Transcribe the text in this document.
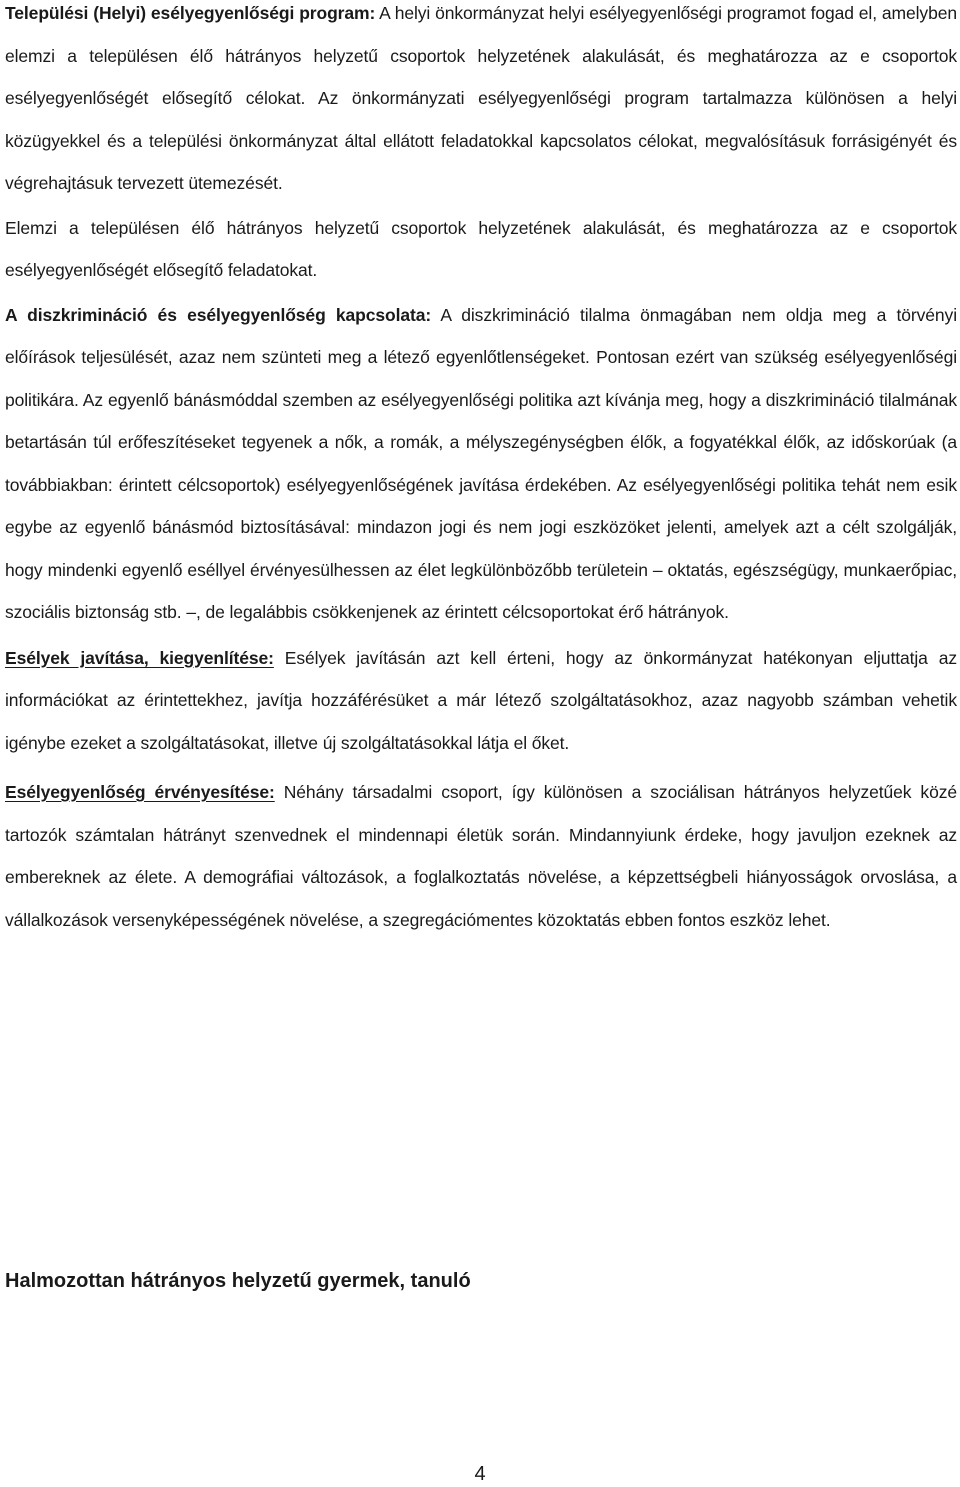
Települési (Helyi) esélyegyenlőségi program: A helyi önkormányzat helyi esélyegyenlőségi programot fogad el, amelyben elemzi a településen élő hátrányos helyzetű csoportok helyzetének alakulását, és meghatározza az e csoportok esélyegyenlőségét elősegítő célokat. Az önkormányzati esélyegyenlőségi program tartalmazza különösen a helyi közügyekkel és a települési önkormányzat által ellátott feladatokkal kapcsolatos célokat, megvalósításuk forrásigényét és végrehajtásuk tervezett ütemezését.

Elemzi a településen élő hátrányos helyzetű csoportok helyzetének alakulását, és meghatározza az e csoportok esélyegyenlőségét elősegítő feladatokat.

A diszkrimináció és esélyegyenlőség kapcsolata: A diszkrimináció tilalma önmagában nem oldja meg a törvényi előírások teljesülését, azaz nem szünteti meg a létező egyenlőtlenségeket. Pontosan ezért van szükség esélyegyenlőségi politikára. Az egyenlő bánásmóddal szemben az esélyegyenlőségi politika azt kívánja meg, hogy a diszkrimináció tilalmának betartásán túl erőfeszítéseket tegyenek a nők, a romák, a mélyszegénységben élők, a fogyatékkal élők, az időskorúak (a továbbiakban: érintett célcsoportok) esélyegyenlőségének javítása érdekében. Az esélyegyenlőségi politika tehát nem esik egybe az egyenlő bánásmód biztosításával: mindazon jogi és nem jogi eszközöket jelenti, amelyek azt a célt szolgálják, hogy mindenki egyenlő eséllyel érvényesülhessen az élet legkülönbözőbb területein – oktatás, egészségügy, munkaerőpiac, szociális biztonság stb. –, de legalábbis csökkenjenek az érintett célcsoportokat érő hátrányok.

Esélyek javítása, kiegyenlítése: Esélyek javításán azt kell érteni, hogy az önkormányzat hatékonyan eljuttatja az információkat az érintettekhez, javítja hozzáférésüket a már létező szolgáltatásokhoz, azaz nagyobb számban vehetik igénybe ezeket a szolgáltatásokat, illetve új szolgáltatásokkal látja el őket.

Esélyegyenlőség érvényesítése: Néhány társadalmi csoport, így különösen a szociálisan hátrányos helyzetűek közé tartozók számtalan hátrányt szenvednek el mindennapi életük során. Mindannyiunk érdeke, hogy javuljon ezeknek az embereknek az élete. A demográfiai változások, a foglalkoztatás növelése, a képzettségbeli hiányosságok orvoslása, a vállalkozások versenyképességének növelése, a szegregációmentes közoktatás ebben fontos eszköz lehet.

Halmozottan hátrányos helyzetű gyermek, tanuló
4
